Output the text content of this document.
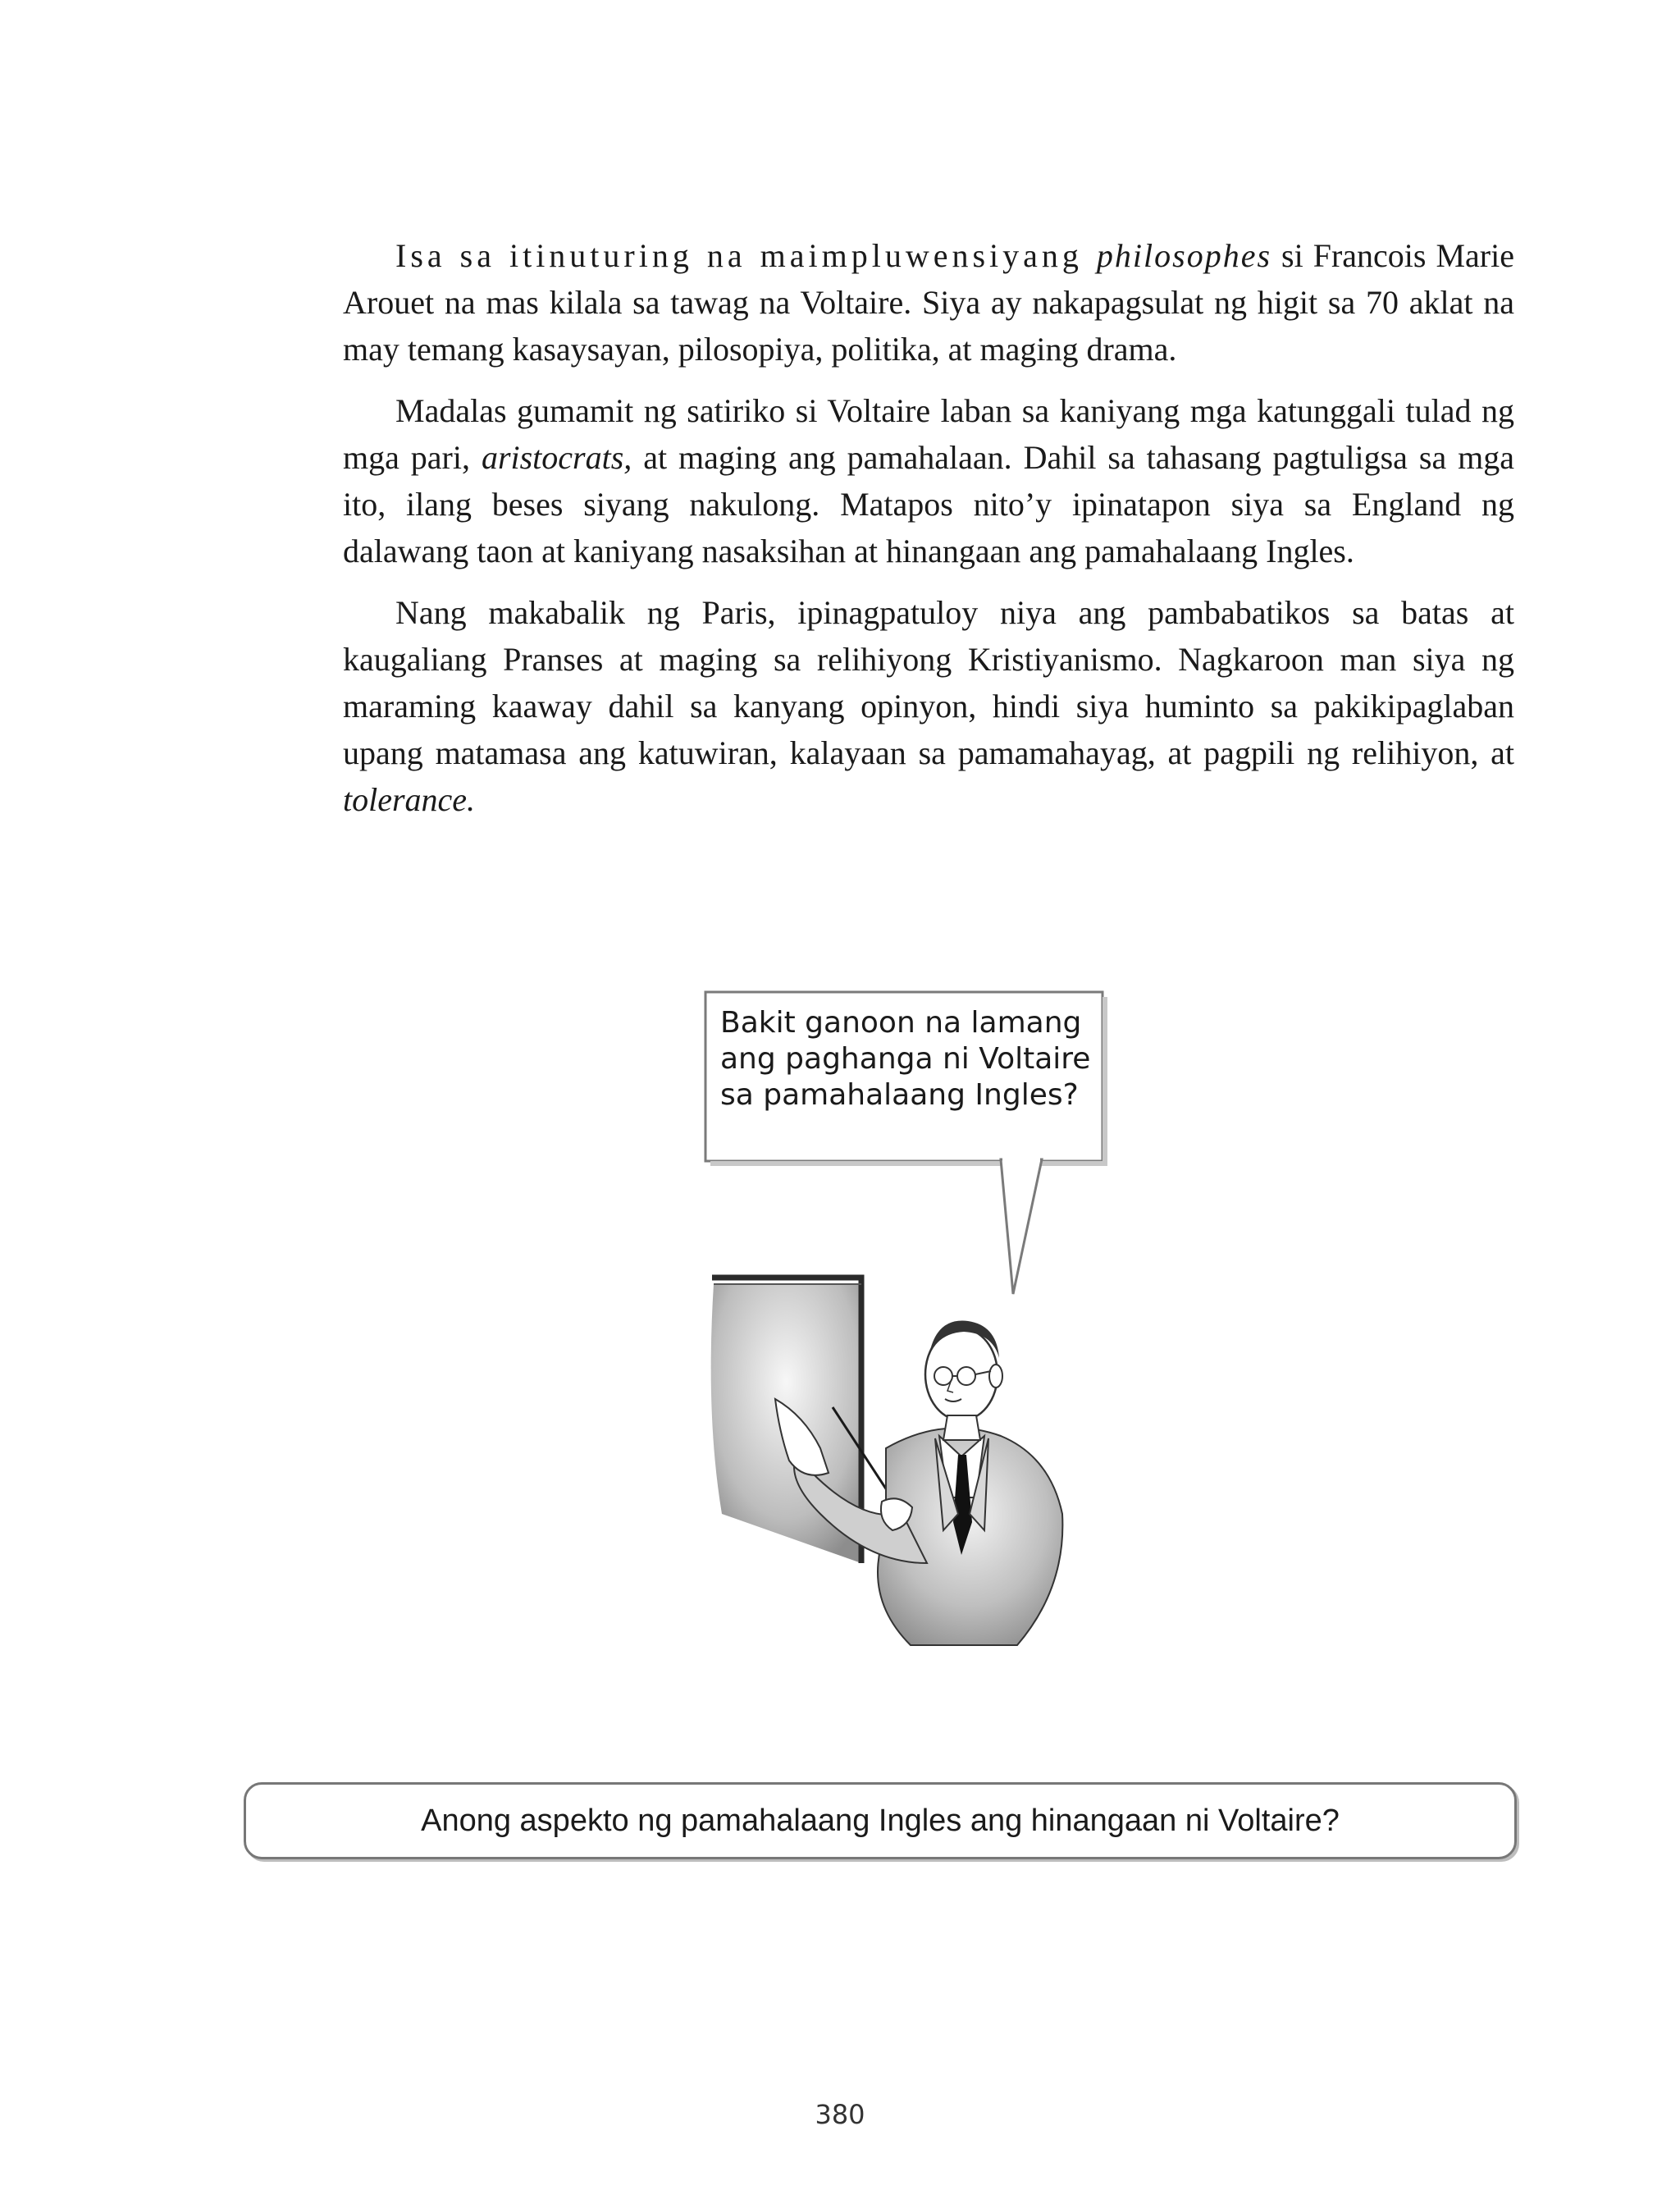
Isa sa itinuturing na maimpluwensiyang philosophes si Francois Marie Arouet na mas kilala sa tawag na Voltaire. Siya ay nakapagsulat ng higit sa 70 aklat na may temang kasaysayan, pilosopiya, politika, at maging drama.

Madalas gumamit ng satiriko si Voltaire laban sa kaniyang mga katunggali tulad ng mga pari, aristocrats, at maging ang pamahalaan. Dahil sa tahasang pagtuligsa sa mga ito, ilang beses siyang nakulong. Matapos nito’y ipinatapon siya sa England ng dalawang taon at kaniyang nasaksihan at hinangaan ang pamahalaang Ingles.

Nang makabalik ng Paris, ipinagpatuloy niya ang pambabatikos sa batas at kaugaliang Pranses at maging sa relihiyong Kristiyanismo. Nagkaroon man siya ng maraming kaaway dahil sa kanyang opinyon, hindi siya huminto sa pakikipaglaban upang matamasa ang katuwiran, kalayaan sa pamamahayag, at pagpili ng relihiyon, at tolerance.

Bakit ganoon na lamang
ang paghanga ni Voltaire
sa pamahalaang Ingles?
Anong aspekto ng pamahalaang Ingles ang hinangaan ni Voltaire?
380
